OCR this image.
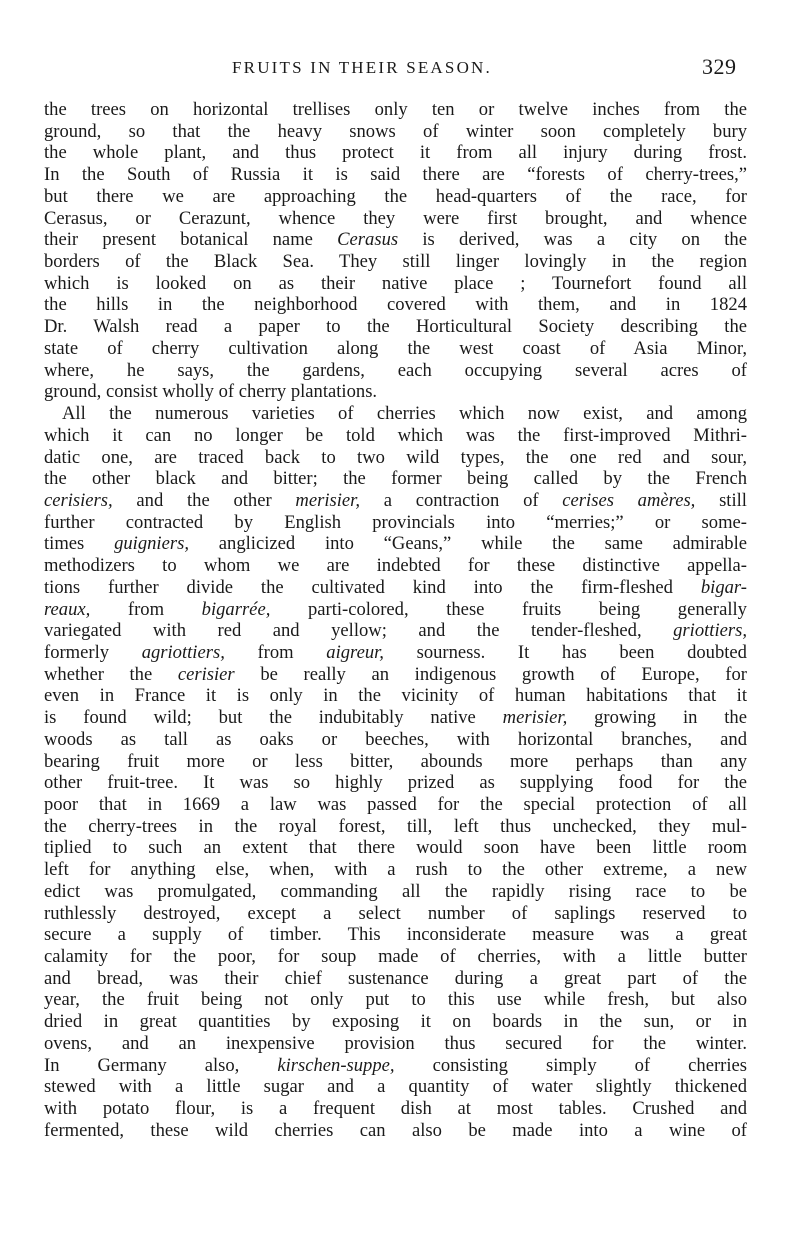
FRUITS IN THEIR SEASON.	329
the trees on horizontal trellises only ten or twelve inches from the
ground, so that the heavy snows of winter soon completely bury
the whole plant, and thus protect it from all injury during frost.
In the South of Russia it is said there are “forests of cherry-trees,”
but there we are approaching the head-quarters of the race, for
Cerasus, or Cerazunt, whence they were first brought, and whence
their present botanical name Cerasus is derived, was a city on the
borders of the Black Sea. They still linger lovingly in the region
which is looked on as their native place ; Tournefort found all
the hills in the neighborhood covered with them, and in 1824
Dr. Walsh read a paper to the Horticultural Society describing the
state of cherry cultivation along the west coast of Asia Minor,
where, he says, the gardens, each occupying several acres of
ground, consist wholly of cherry plantations.
All the numerous varieties of cherries which now exist, and among
which it can no longer be told which was the first-improved Mithri-
datic one, are traced back to two wild types, the one red and sour,
the other black and bitter; the former being called by the French
cerisiers, and the other merisier, a contraction of cerises amères, still
further contracted by English provincials into “merries;” or some-
times guigniers, anglicized into “Geans,” while the same admirable
methodizers to whom we are indebted for these distinctive appella-
tions further divide the cultivated kind into the firm-fleshed bigar-
reaux, from bigarrée, parti-colored, these fruits being generally
variegated with red and yellow; and the tender-fleshed, griottiers,
formerly agriottiers, from aigreur, sourness. It has been doubted
whether the cerisier be really an indigenous growth of Europe, for
even in France it is only in the vicinity of human habitations that it
is found wild; but the indubitably native merisier, growing in the
woods as tall as oaks or beeches, with horizontal branches, and
bearing fruit more or less bitter, abounds more perhaps than any
other fruit-tree. It was so highly prized as supplying food for the
poor that in 1669 a law was passed for the special protection of all
the cherry-trees in the royal forest, till, left thus unchecked, they mul-
tiplied to such an extent that there would soon have been little room
left for anything else, when, with a rush to the other extreme, a new
edict was promulgated, commanding all the rapidly rising race to be
ruthlessly destroyed, except a select number of saplings reserved to
secure a supply of timber. This inconsiderate measure was a great
calamity for the poor, for soup made of cherries, with a little butter
and bread, was their chief sustenance during a great part of the
year, the fruit being not only put to this use while fresh, but also
dried in great quantities by exposing it on boards in the sun, or in
ovens, and an inexpensive provision thus secured for the winter.
In Germany also, kirschen-suppe, consisting simply of cherries
stewed with a little sugar and a quantity of water slightly thickened
with potato flour, is a frequent dish at most tables. Crushed and
fermented, these wild cherries can also be made into a wine of
